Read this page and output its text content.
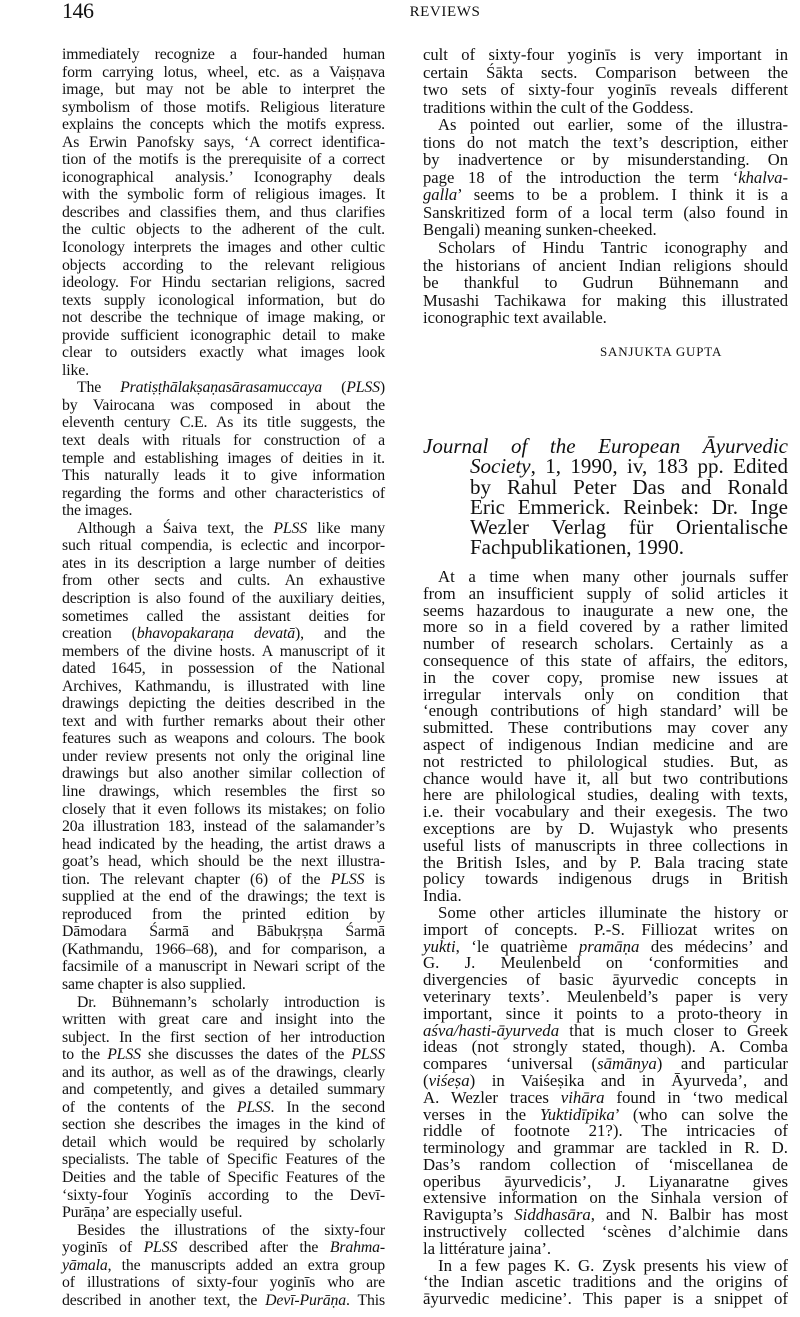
146	REVIEWS
immediately recognize a four-handed human
form carrying lotus, wheel, etc. as a Vaiṣṇava
image, but may not be able to interpret the
symbolism of those motifs. Religious literature
explains the concepts which the motifs express.
As Erwin Panofsky says, ‘A correct identifica-
tion of the motifs is the prerequisite of a correct
iconographical analysis.’ Iconography deals
with the symbolic form of religious images. It
describes and classifies them, and thus clarifies
the cultic objects to the adherent of the cult.
Iconology interprets the images and other cultic
objects according to the relevant religious
ideology. For Hindu sectarian religions, sacred
texts supply iconological information, but do
not describe the technique of image making, or
provide sufficient iconographic detail to make
clear to outsiders exactly what images look
like.
The Pratiṣṭhālakṣaṇasārasamuccaya (PLSS)
by Vairocana was composed in about the
eleventh century C.E. As its title suggests, the
text deals with rituals for construction of a
temple and establishing images of deities in it.
This naturally leads it to give information
regarding the forms and other characteristics of
the images.
Although a Śaiva text, the PLSS like many
such ritual compendia, is eclectic and incorpor-
ates in its description a large number of deities
from other sects and cults. An exhaustive
description is also found of the auxiliary deities,
sometimes called the assistant deities for
creation (bhavopakaraṇa devatā), and the
members of the divine hosts. A manuscript of it
dated 1645, in possession of the National
Archives, Kathmandu, is illustrated with line
drawings depicting the deities described in the
text and with further remarks about their other
features such as weapons and colours. The book
under review presents not only the original line
drawings but also another similar collection of
line drawings, which resembles the first so
closely that it even follows its mistakes; on folio
20a illustration 183, instead of the salamander’s
head indicated by the heading, the artist draws a
goat’s head, which should be the next illustra-
tion. The relevant chapter (6) of the PLSS is
supplied at the end of the drawings; the text is
reproduced from the printed edition by
Dāmodara Śarmā and Bābukṛṣṇa Śarmā
(Kathmandu, 1966–68), and for comparison, a
facsimile of a manuscript in Newari script of the
same chapter is also supplied.
Dr. Bühnemann’s scholarly introduction is
written with great care and insight into the
subject. In the first section of her introduction
to the PLSS she discusses the dates of the PLSS
and its author, as well as of the drawings, clearly
and competently, and gives a detailed summary
of the contents of the PLSS. In the second
section she describes the images in the kind of
detail which would be required by scholarly
specialists. The table of Specific Features of the
Deities and the table of Specific Features of the
‘sixty-four Yoginīs according to the Devī-
Purāṇa’ are especially useful.
Besides the illustrations of the sixty-four
yoginīs of PLSS described after the Brahma-
yāmala, the manuscripts added an extra group
of illustrations of sixty-four yoginīs who are
described in another text, the Devī-Purāṇa. This
cult of sixty-four yoginīs is very important in
certain Śākta sects. Comparison between the
two sets of sixty-four yoginīs reveals different
traditions within the cult of the Goddess.
As pointed out earlier, some of the illustra-
tions do not match the text’s description, either
by inadvertence or by misunderstanding. On
page 18 of the introduction the term ‘khalva-
galla’ seems to be a problem. I think it is a
Sanskritized form of a local term (also found in
Bengali) meaning sunken-cheeked.
Scholars of Hindu Tantric iconography and
the historians of ancient Indian religions should
be thankful to Gudrun Bühnemann and
Musashi Tachikawa for making this illustrated
iconographic text available.
SANJUKTA GUPTA
Journal of the European Āyurvedic
Society, 1, 1990, iv, 183 pp. Edited
by Rahul Peter Das and Ronald
Eric Emmerick. Reinbek: Dr. Inge
Wezler Verlag für Orientalische
Fachpublikationen, 1990.
At a time when many other journals suffer
from an insufficient supply of solid articles it
seems hazardous to inaugurate a new one, the
more so in a field covered by a rather limited
number of research scholars. Certainly as a
consequence of this state of affairs, the editors,
in the cover copy, promise new issues at
irregular intervals only on condition that
‘enough contributions of high standard’ will be
submitted. These contributions may cover any
aspect of indigenous Indian medicine and are
not restricted to philological studies. But, as
chance would have it, all but two contributions
here are philological studies, dealing with texts,
i.e. their vocabulary and their exegesis. The two
exceptions are by D. Wujastyk who presents
useful lists of manuscripts in three collections in
the British Isles, and by P. Bala tracing state
policy towards indigenous drugs in British
India.
Some other articles illuminate the history or
import of concepts. P.-S. Filliozat writes on
yukti, ‘le quatrième pramāṇa des médecins’ and
G. J. Meulenbeld on ‘conformities and
divergencies of basic āyurvedic concepts in
veterinary texts’. Meulenbeld’s paper is very
important, since it points to a proto-theory in
aśva/hasti-āyurveda that is much closer to Greek
ideas (not strongly stated, though). A. Comba
compares ‘universal (sāmānya) and particular
(viśeṣa) in Vaiśeṣika and in Āyurveda’, and
A. Wezler traces vihāra found in ‘two medical
verses in the Yuktidīpika’ (who can solve the
riddle of footnote 21?). The intricacies of
terminology and grammar are tackled in R. D.
Das’s random collection of ‘miscellanea de
operibus āyurvedicis’, J. Liyanaratne gives
extensive information on the Sinhala version of
Ravigupta’s Siddhasāra, and N. Balbir has most
instructively collected ‘scènes d’alchimie dans
la littérature jaina’.
In a few pages K. G. Zysk presents his view of
‘the Indian ascetic traditions and the origins of
āyurvedic medicine’. This paper is a snippet of
